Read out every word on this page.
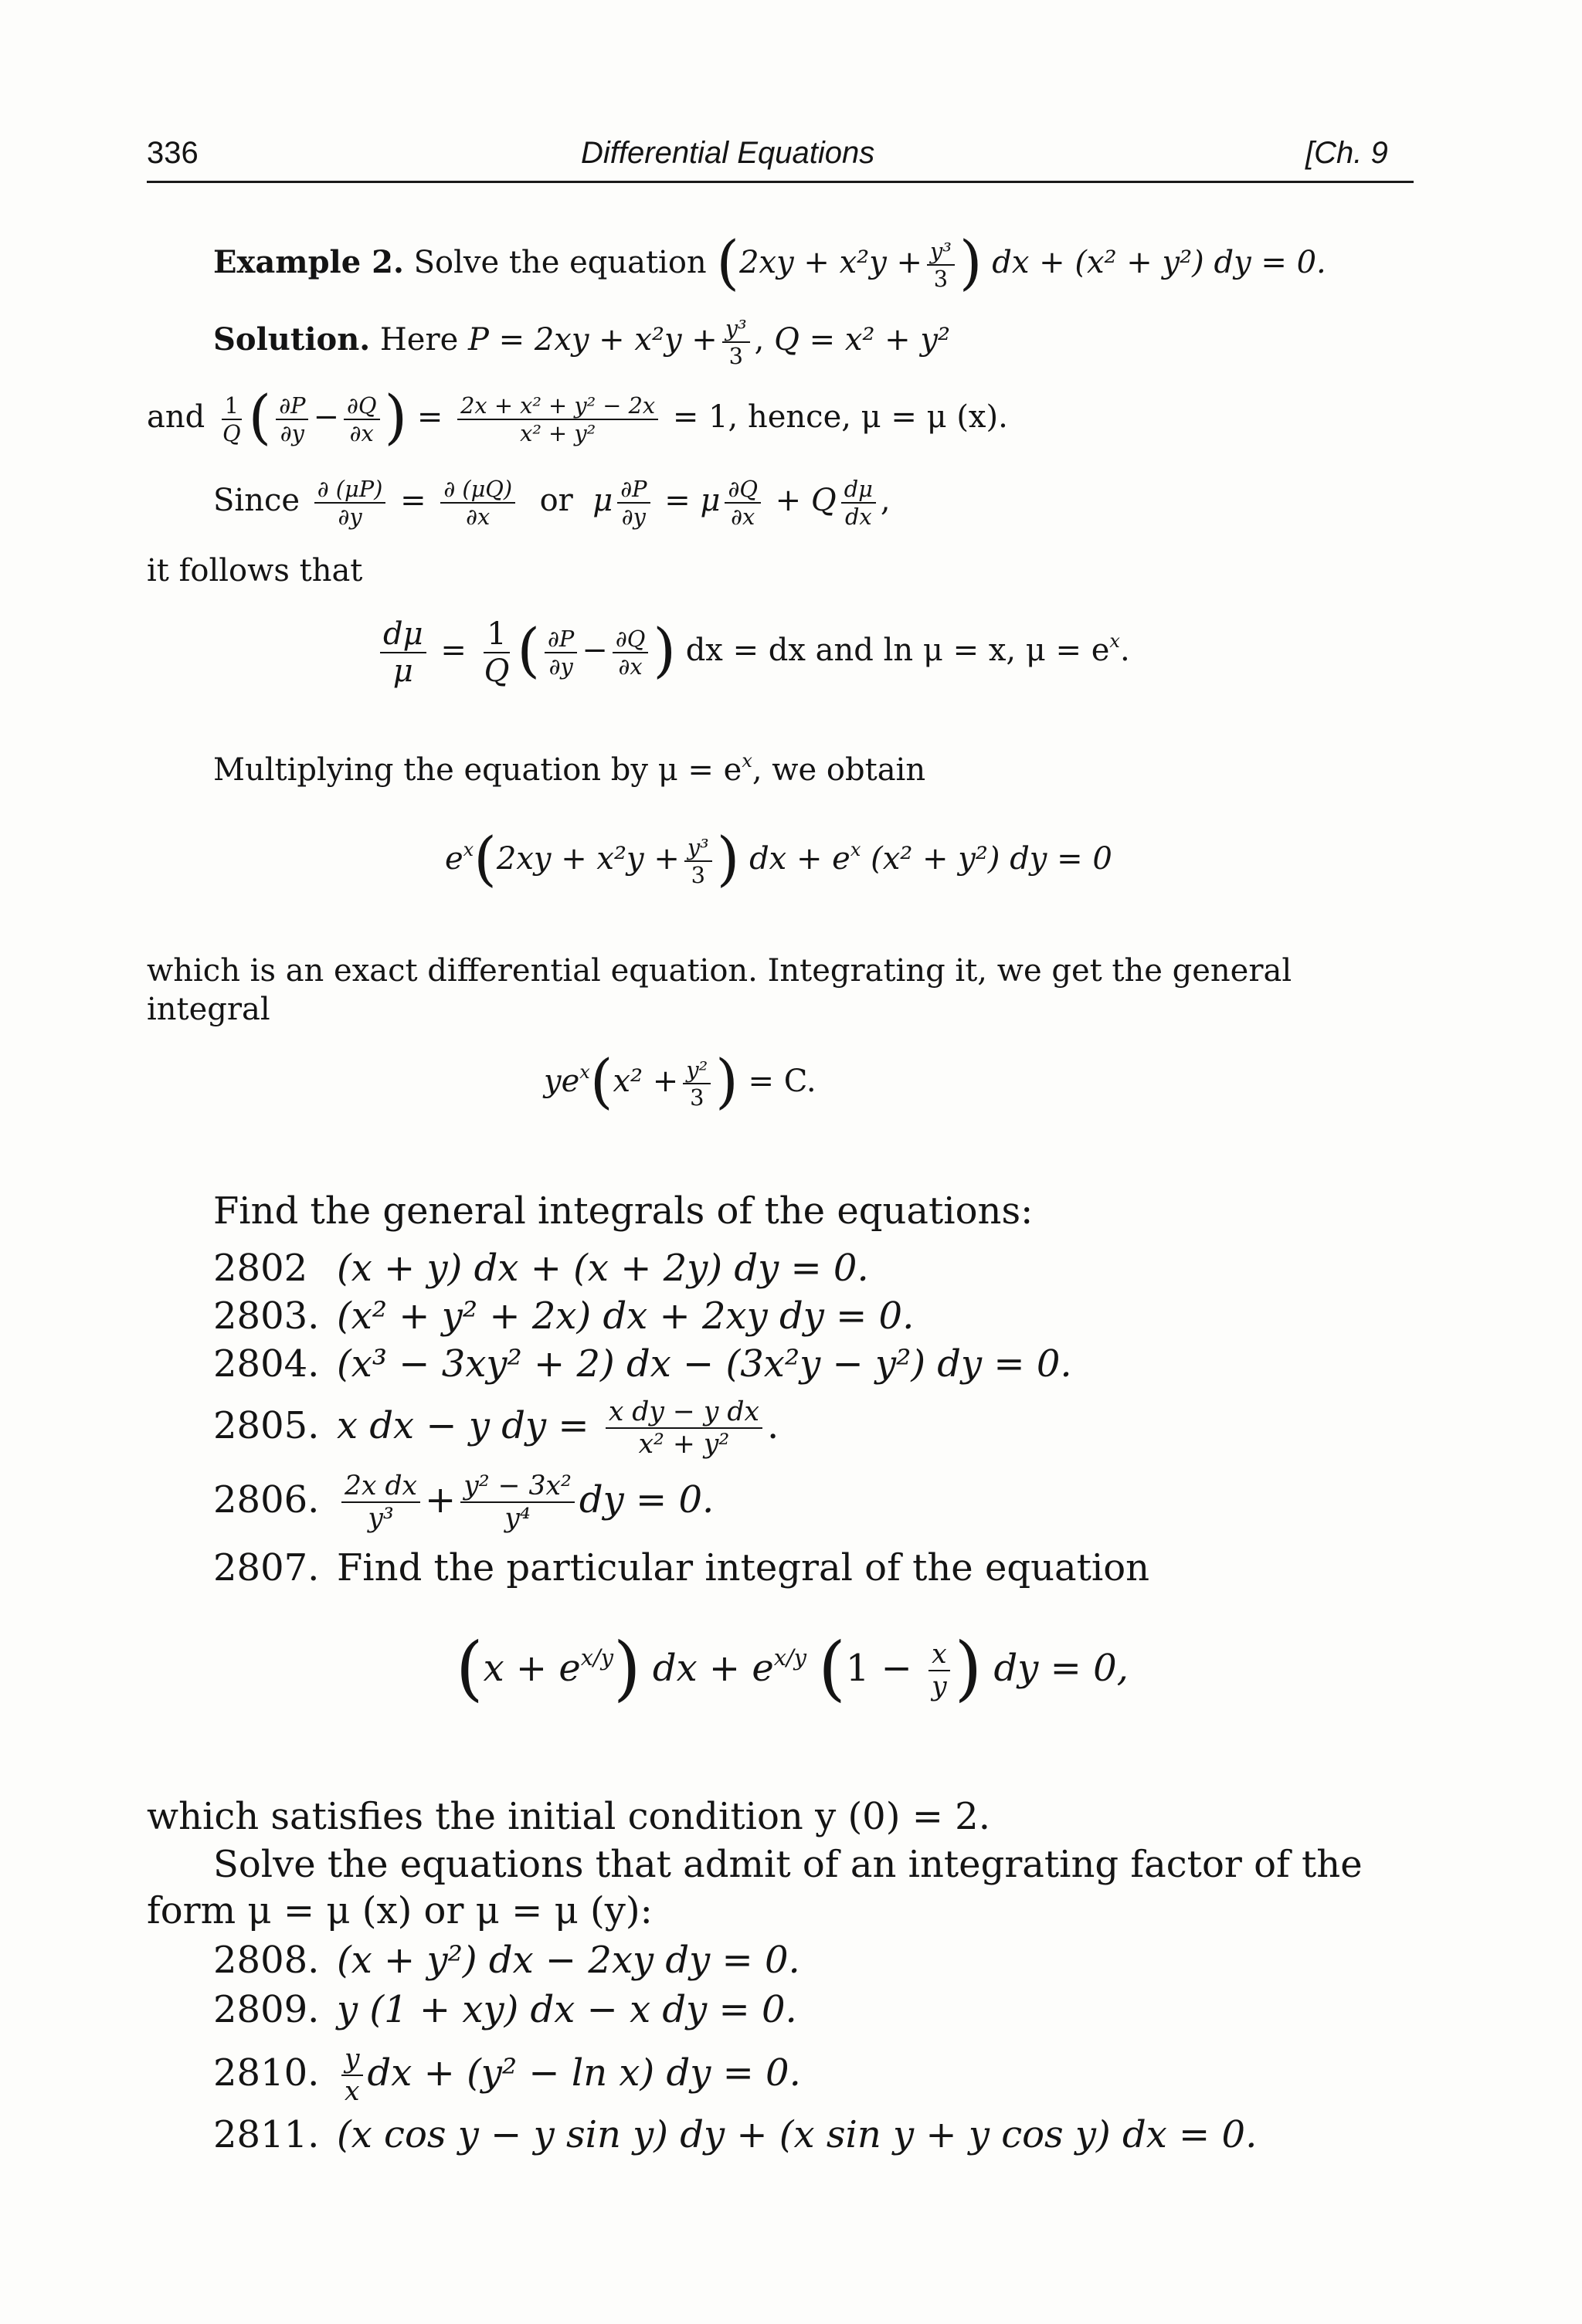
336	Differential Equations	[Ch. 9
Example 2. Solve the equation ($2xy + x^2y + \frac{\text{y³}}{3}$ ) dx + (x² + y²) dy = 0.
Solution. Here $P = 2xy + x^2y + \frac{\text{y³}}{3}$ , Q = x² + y²
and $\frac{1}{Q}$ ( $\frac{\partial P}{\partial y} - \frac{\partial Q}{\partial x}$ ) = $\frac{\text{2x + x² + y² − 2x}}{\text{x² + y²}} = 1$, hence, μ = μ (x).
Since $\frac{\partial (\mu P)}{\partial y} = \frac{\partial (\mu Q)}{\partial x}$ or μ $\frac{\partial P}{\partial y} = \mu \frac{\partial Q}{\partial x} + Q \frac{d\mu}{dx}$ ,
it follows that
$\frac{d\mu}{\mu} = \frac{1}{Q}$ ( $\frac{\partial P}{\partial y} - \frac{\partial Q}{\partial x}$ ) dx = dx and ln μ = x, $\mu = e^x$.
Multiplying the equation by $\mu = e^x$, we obtain
$e^x(2xy + x^2y + \frac{\text{y³}}{3}$ ) dx + $e^x$ (x² + y²) dy = 0
which is an exact differential equation. Integrating it, we get the general integral
$ye^x(x^2 + \frac{\text{y²}}{3}$ ) = C.
Find the general integrals of the equations:
2802 (x + y) dx + (x + 2y) dy = 0.
2803. (x² + y² + 2x) dx + 2xy dy = 0.
2804. (x³ − 3xy² + 2) dx − (3x²y − y²) dy = 0.
2805. x dx − y dy = $\frac{\text{x dy − y dx}}{\text{x² + y²}}$ .
2806. $\frac{\text{2x dx}}{\text{y³}} + \frac{\text{y² − 3x²}}{\text{y⁴}}$ dy = 0.
2807. Find the particular integral of the equation
$(x + e^{x/y})$ dx + $e^{x/y}$ ($1 - \frac{x}{y}$ ) dy = 0,
which satisfies the initial condition y (0) = 2.
Solve the equations that admit of an integrating factor of the form μ = μ (x) or μ = μ (y):
2808. (x + y²) dx − 2xy dy = 0.
2809. y (1 + xy) dx − x dy = 0.
2810. $\frac{y}{x}$ dx + (y² − ln x) dy = 0.
2811. (x cos y − y sin y) dy + (x sin y + y cos y) dx = 0.
